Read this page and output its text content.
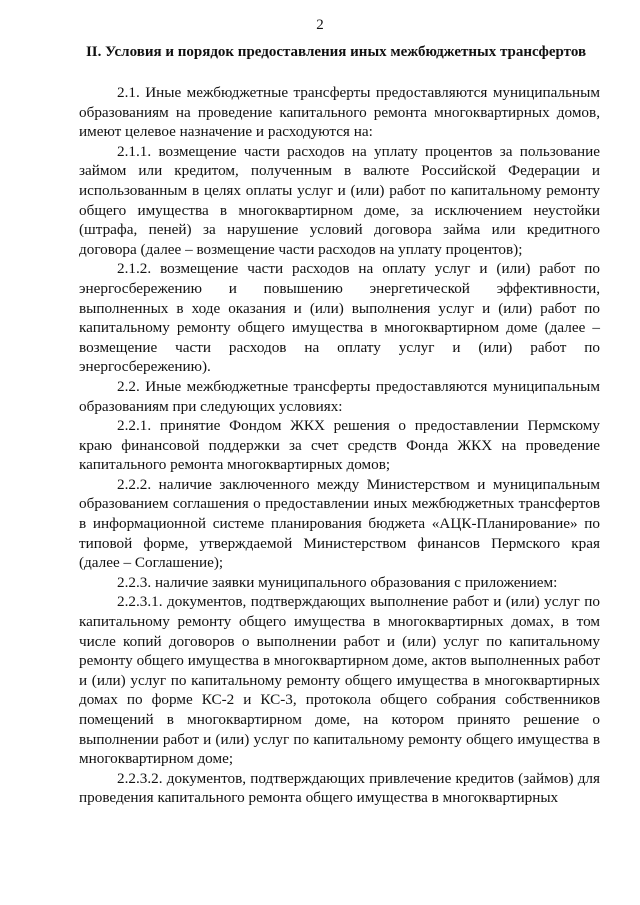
2
II. Условия и порядок предоставления иных межбюджетных трансфертов

2.1. Иные межбюджетные трансферты предоставляются муниципальным образованиям на проведение капитального ремонта многоквартирных домов, имеют целевое назначение и расходуются на:

2.1.1. возмещение части расходов на уплату процентов за пользование займом или кредитом, полученным в валюте Российской Федерации и использованным в целях оплаты услуг и (или) работ по капитальному ремонту общего имущества в многоквартирном доме, за исключением неустойки (штрафа, пеней) за нарушение условий договора займа или кредитного договора (далее – возмещение части расходов на уплату процентов);

2.1.2. возмещение части расходов на оплату услуг и (или) работ по энергосбережению и повышению энергетической эффективности, выполненных в ходе оказания и (или) выполнения услуг и (или) работ по капитальному ремонту общего имущества в многоквартирном доме (далее – возмещение части расходов на оплату услуг и (или) работ по энергосбережению).

2.2. Иные межбюджетные трансферты предоставляются муниципальным образованиям при следующих условиях:

2.2.1. принятие Фондом ЖКХ решения о предоставлении Пермскому краю финансовой поддержки за счет средств Фонда ЖКХ на проведение капитального ремонта многоквартирных домов;

2.2.2. наличие заключенного между Министерством и муниципальным образованием соглашения о предоставлении иных межбюджетных трансфертов в информационной системе планирования бюджета «АЦК-Планирование» по типовой форме, утверждаемой Министерством финансов Пермского края (далее – Соглашение);

2.2.3. наличие заявки муниципального образования с приложением:

2.2.3.1. документов, подтверждающих выполнение работ и (или) услуг по капитальному ремонту общего имущества в многоквартирных домах, в том числе копий договоров о выполнении работ и (или) услуг по капитальному ремонту общего имущества в многоквартирном доме, актов выполненных работ и (или) услуг по капитальному ремонту общего имущества в многоквартирных домах по форме КС-2 и КС-3, протокола общего собрания собственников помещений в многоквартирном доме, на котором принято решение о выполнении работ и (или) услуг по капитальному ремонту общего имущества в многоквартирном доме;

2.2.3.2. документов, подтверждающих привлечение кредитов (займов) для проведения капитального ремонта общего имущества в многоквартирных
